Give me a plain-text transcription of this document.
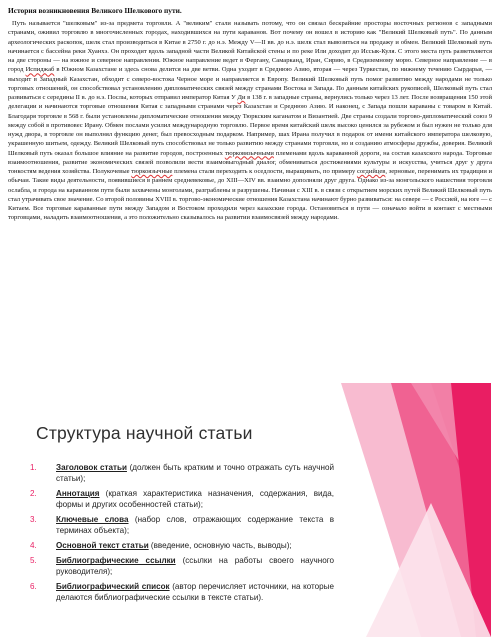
История возникновения Великого Шелкового пути.

Путь называется "шелковым" из-за предмета торговли. А "великим" стали называть потому, что он связал бескрайние просторы восточных регионов с западными странами, оживил торговлю в многочисленных городах, находившихся на пути караванов. Вот почему он вошел в историю как "Великий Шелковый путь". По данным археологических раскопок, шелк стал производиться в Китае в 2750 г. до н.э. Между V—II вв. до н.э. шелк стал вывозиться на продажу и обмен. Великий Шелковый путь начинается с бассейна реки Хуанхэ. Он проходит вдоль западной части Великой Китайской стены и по реке Или доходит до Иссык-Куля. С этого места путь разветвляется на две стороны — на южное и северное направления. Южное направление ведет в Фергану, Самарканд, Иран, Сирию, в Средиземному морю. Северное направление — в город Испиджаб в Южном Казахстане и здесь снова делится на две ветви. Одна уходит в Среднюю Азию, вторая — через Туркестан, по нижнему течению Сырдарьи, — выходит в Западный Казахстан, обходит с северо-востока Черное море и направляется в Европу. Великий Шелковый путь помог развитию между народами не только торговых отношений, он способствовал установлению дипломатических связей между странами Востока и Запада. По данным китайских рукописей, Шелковый путь стал развиваться с середины II в. до н.э. Послы, которых отправил император Китая У Ди в 138 г. в западные страны, вернулись только через 13 лет. После возвращения 150 этой делегации и начинаются торговые отношения Китая с западными странами через Казахстан и Среднюю Азию. И наконец, с Запада пошли караваны с товаром в Китай. Благодаря торговле в 568 г. были установлены дипломатические отношения между Тюркским каганатом и Византией. Две страны создали торгово-дипломатический союз 9 между собой в противовес Ирану. Обмен послами усилил международную торговлю. Первое время китайский шелк высоко ценился за рубежом и был нужен не только для нужд двора, в торговле он выполнял функцию денег, был превосходным подарком. Например, шах Ирана получил в подарок от имени китайского императора шелковую, украшенную шитьем, одежду. Великий Шелковый путь способствовал не только развитию между странами торговли, но и созданию атмосферы дружбы, доверия. Великий Шелковый путь оказал большое влияние на развитие городов, построенных тюрковязычными племенами вдоль караванной дороги, на состав казахского народа. Торговые взаимоотношения, развитие экономических связей позволили вести взаимовыгодный диалог, обмениваться достижениями культуры и искусства, учиться друг у друга тонкостям ведения хозяйства. Полукочевые тюркоязычные племена стали переходить к оседлости, выращивать, по примеру согдийцев, зерновые, перенимать их традиции и обычаи. Такие виды деятельности, появившиеся в раннем средневековье, до XIII—XIV вв. взаимно дополняли друг друга. Однако из-за монгольского нашествия торговля ослабла, и города на караванном пути были захвачены монголами, разграблены и разрушены. Начиная с XIII в. в связи с открытием морских путей Великий Шелковый путь стал утрачивать свое значение. Со второй половины XVIII в. торгово-экономические отношения Казахстана начинают бурно развиваться: на севере — с Россией, на юге — с Китаем. Все торговые караванные пути между Западом и Востоком проходили через казахские города. Остановиться в пути — означало войти в контакт с местными торговцами, наладить взаимоотношения, а это положительно сказывалось на развитии взаимосвязей между народами.

Структура научной статьи
1. Заголовок статьи (должен быть кратким и точно отражать суть научной статьи);
2. Аннотация (краткая характеристика назначения, содержания, вида, формы и других особенностей статьи);
3. Ключевые слова (набор слов, отражающих содержание текста в терминах объекта);
4. Основной текст статьи (введение, основную часть, выводы);
5. Библиографические ссылки (ссылки на работы своего научного руководителя);
6. Библиографический список (автор перечисляет источники, на которые делаются библиографические ссылки в тексте статьи).
